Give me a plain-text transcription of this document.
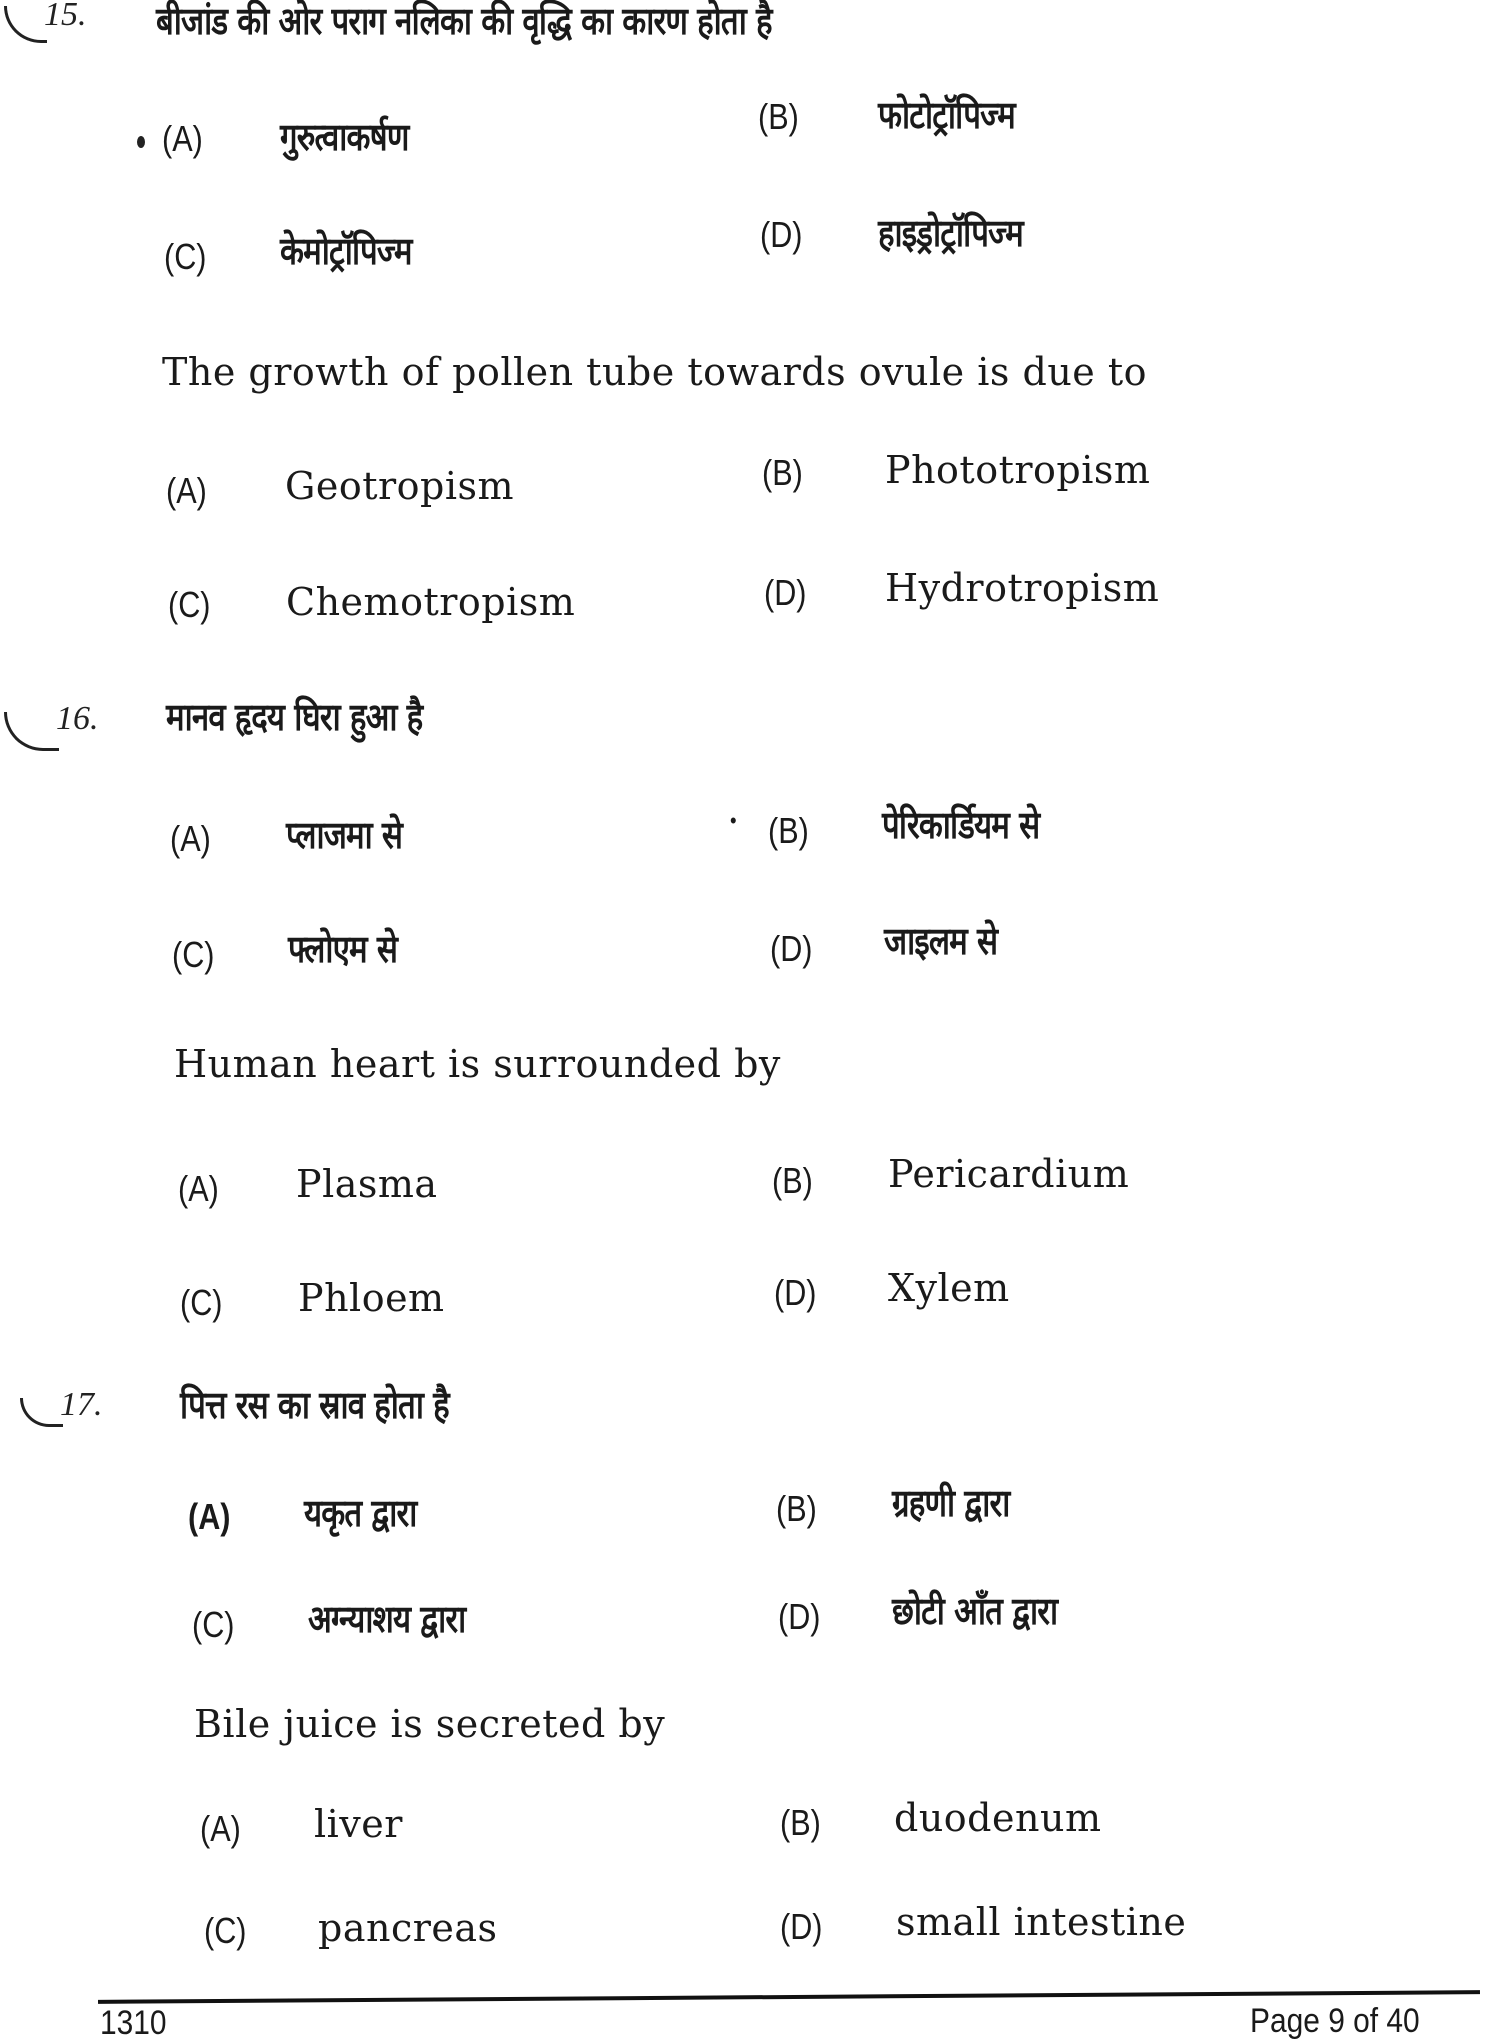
15. बीजांड की ओर पराग नलिका की वृद्धि का कारण होता है
(A) गुरुत्वाकर्षण	(B) फोटोट्रॉपिज्म
(C) केमोट्रॉपिज्म	(D) हाइड्रोट्रॉपिज्म
The growth of pollen tube towards ovule is due to
(A) Geotropism	(B) Phototropism
(C) Chemotropism	(D) Hydrotropism
16. मानव हृदय घिरा हुआ है
(A) प्लाजमा से	• (B) पेरिकार्डियम से
(C) फ्लोएम से	(D) जाइलम से
Human heart is surrounded by
(A) Plasma	(B) Pericardium
(C) Phloem	(D) Xylem
17. पित्त रस का स्राव होता है
(A) यकृत द्वारा	(B) ग्रहणी द्वारा
(C) अग्न्याशय द्वारा	(D) छोटी आँत द्वारा
Bile juice is secreted by
(A) liver	(B) duodenum
(C) pancreas	(D) small intestine
1310	Page 9 of 40
